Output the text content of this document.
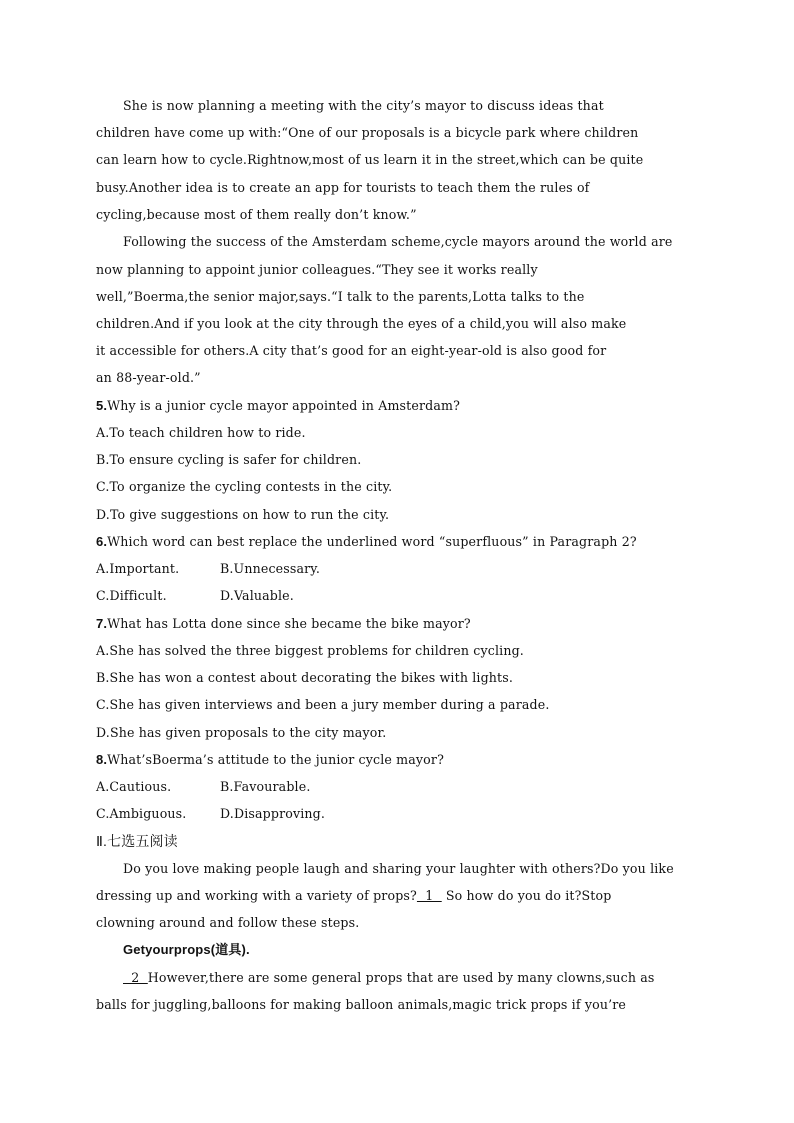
She is now planning a meeting with the city’s mayor to discuss ideas that
children have come up with:“One of our proposals is a bicycle park where children
can learn how to cycle.Rightnow,most of us learn it in the street,which can be quite
busy.Another idea is to create an app for tourists to teach them the rules of
cycling,because most of them really don’t know.”
Following the success of the Amsterdam scheme,cycle mayors around the world are
now planning to appoint junior colleagues.“They see it works really
well,”Boerma,the senior major,says.“I talk to the parents,Lotta talks to the
children.And if you look at the city through the eyes of a child,you will also make
it accessible for others.A city that’s good for an eight-year-old is also good for
an 88-year-old.”
5.Why is a junior cycle mayor appointed in Amsterdam?
A.To teach children how to ride.
B.To ensure cycling is safer for children.
C.To organize the cycling contests in the city.
D.To give suggestions on how to run the city.
6.Which word can best replace the underlined word “superfluous” in Paragraph 2?
A.Important.	B.Unnecessary.
C.Difficult.	D.Valuable.
7.What has Lotta done since she became the bike mayor?
A.She has solved the three biggest problems for children cycling.
B.She has won a contest about decorating the bikes with lights.
C.She has given interviews and been a jury member during a parade.
D.She has given proposals to the city mayor.
8.What’sBoerma’s attitude to the junior cycle mayor?
A.Cautious.	B.Favourable.
C.Ambiguous.	D.Disapproving.
Ⅱ.七选五阅读
Do you love making people laugh and sharing your laughter with others?Do you like
dressing up and working with a variety of props?  1   So how do you do it?Stop
clowning around and follow these steps.
Getyourprops(道具).
2  However,there are some general props that are used by many clowns,such as
balls for juggling,balloons for making balloon animals,magic trick props if you’re
